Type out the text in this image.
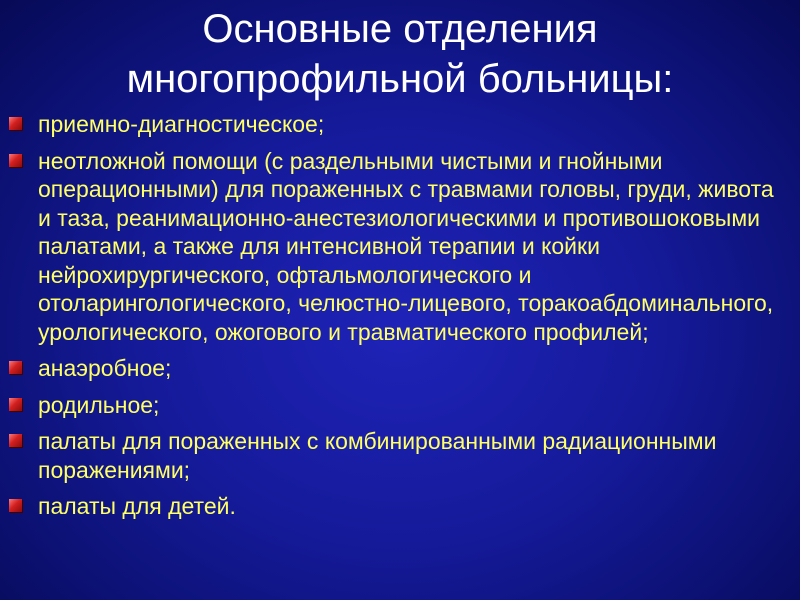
Основные отделения
многопрофильной больницы:
приемно-диагностическое;
неотложной помощи (с раздельными чистыми и гнойными операционными) для пораженных с травмами головы, груди, живота и таза, реанимационно-анестезиологическими и противошоковыми палатами, а также для интенсивной терапии и койки нейрохирургического, офтальмологического и отоларингологического, челюстно-лицевого, торакоабдоминального, урологического, ожогового и травматического профилей;
анаэробное;
родильное;
палаты для пораженных с комбинированными радиационными поражениями;
палаты для детей.
